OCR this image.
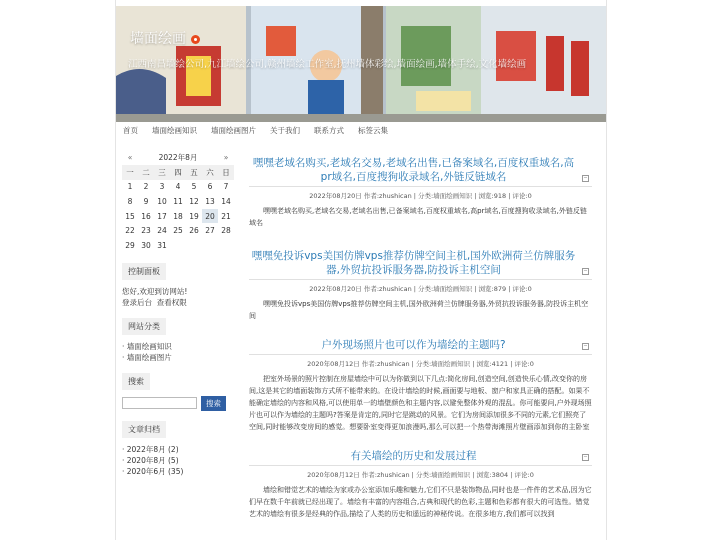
墙面绘画
江西南昌墙绘公司,九江墙绘公司,赣州墙绘工作室,抚州墙体彩绘,墙面绘画,墙体手绘,文化墙绘画
首页	墙面绘画知识	墙面绘画图片	关于我们	联系方式	标签云集
«	2022年8月					»
一	二	三	四	五	六	日
1	2	3	4	5	6	7
8	9	10	11	12	13	14
15	16	17	18	19	20	21
22	23	24	25	26	27	28
29	30	31				
控制面板
您好,欢迎到访网站!
登录后台 查看权限
网站分类
· 墙面绘画知识
· 墙面绘画图片
搜索
搜索
文章归档
· 2022年8月 (2)
· 2020年8月 (5)
· 2020年6月 (35)
嘿嘿老域名购买,老域名交易,老域名出售,已备案域名,百度权重域名,高pr域名,百度搜狗收录域名,外链反链域名	−
2022年08月20日 作者:zhushican | 分类:墙面绘画知识 | 浏览:918 | 评论:0
嘿嘿老域名购买,老域名交易,老域名出售,已备案域名,百度权重域名,高pr域名,百度搜狗收录域名,外链反链域名
嘿嘿免投诉vps美国仿牌vps推荐仿牌空间主机,国外欧洲荷兰仿牌服务器,外贸抗投诉服务器,防投诉主机空间	−
2022年08月20日 作者:zhushican | 分类:墙面绘画知识 | 浏览:879 | 评论:0
嘿嘿免投诉vps美国仿牌vps推荐仿牌空间主机,国外欧洲荷兰仿牌服务器,外贸抗投诉服务器,防投诉主机空间
户外现场照片也可以作为墙绘的主题吗?	−
2020年08月12日 作者:zhushican | 分类:墙面绘画知识 | 浏览:4121 | 评论:0
把室外场景的照片控制在房屋墙绘中可以为你做到以下几点:简化房间,创造空间,创造快乐心情,改变你的房间,这是其它的墙面装饰方式所不能带来的。在设计墙绘的时候,画面要与地板、窗户和家具正确的搭配。如果不能确定墙绘的内容和风格,可以使用单一的墙壁颜色和主题内容,以避免整体外观的混乱。你可能要问,户外现场照片也可以作为墙绘的主题吗?答案是肯定的,同时它是跳动的风景。它们为房间添加很多不同的元素,它们照亮了空间,同时能够改变房间的感觉。想要卧室变得更加浪漫吗,那么可以把一个热带海滩照片壁画添加到你的主卧室
有关墙绘的历史和发展过程	−
2020年08月12日 作者:zhushican | 分类:墙面绘画知识 | 浏览:3804 | 评论:0
墙绘和错觉艺术的墙绘为家或办公室添加乐趣和魅力,它们不只是装饰物品,同时也是一件件的艺术品,因为它们早在数千年前就已经出现了。墙绘有丰富的内容组合,古典和现代的色彩,主题和色彩都有很大的可选性。错觉艺术的墙绘有很多是经典的作品,描绘了人类的历史和遥远的神秘传说。在很多地方,我们都可以找到
